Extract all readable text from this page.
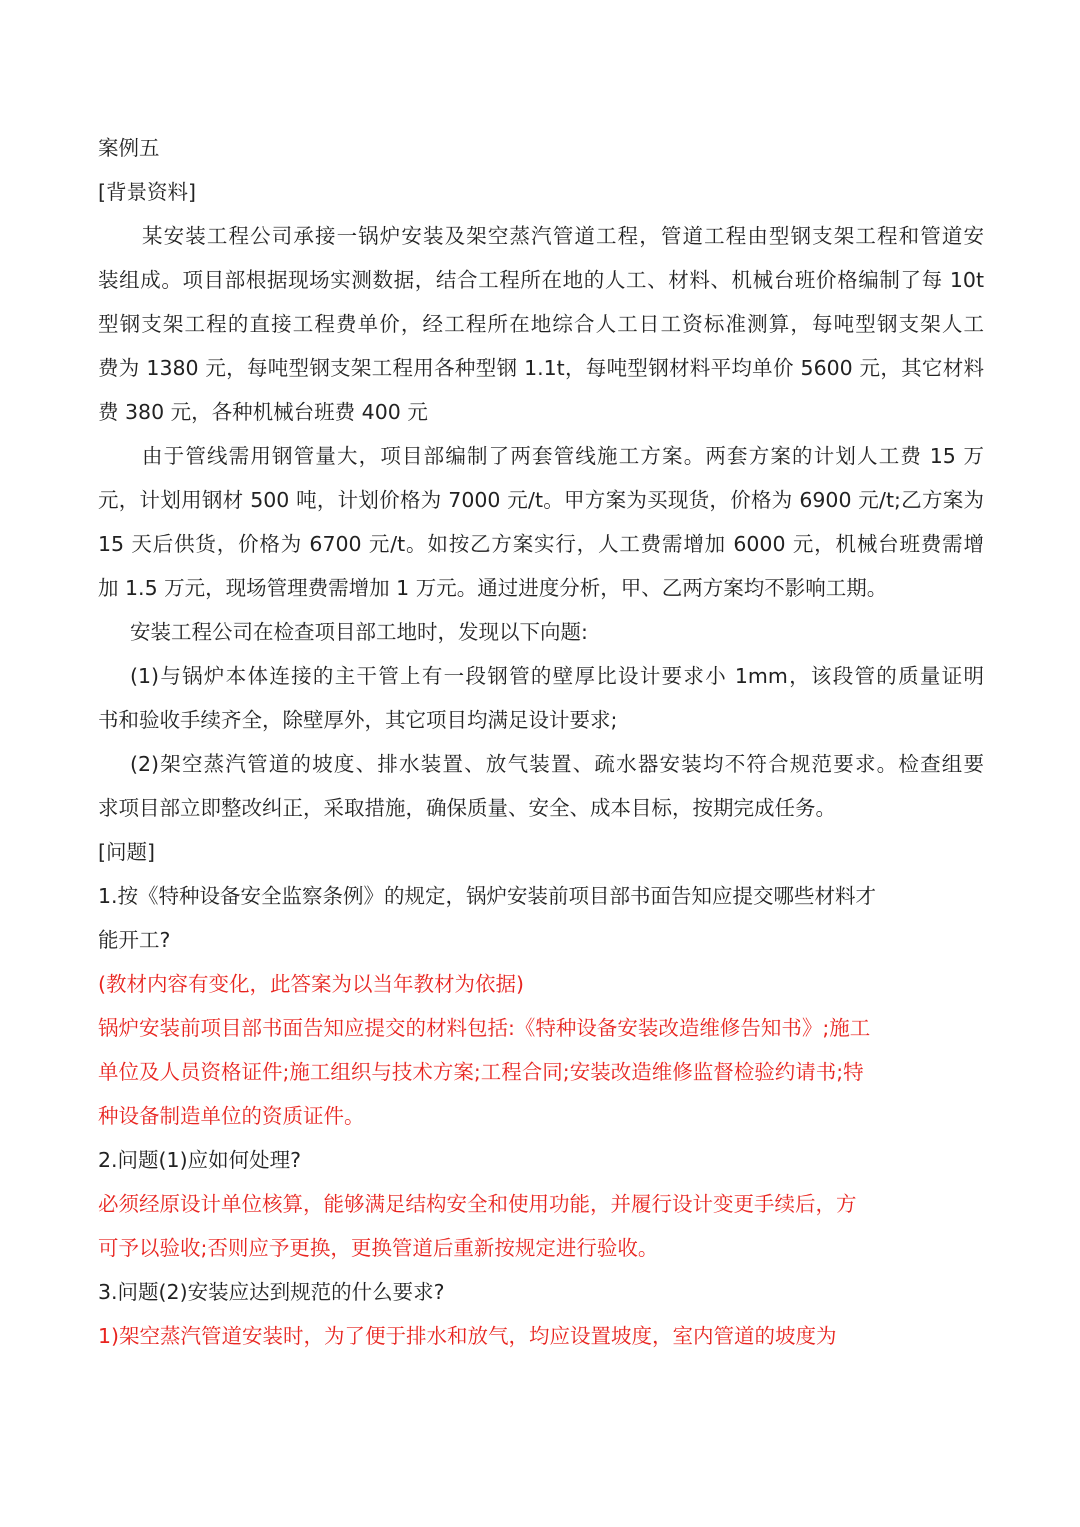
案例五

[背景资料]

某安装工程公司承接一锅炉安装及架空蒸汽管道工程，管道工程由型钢支架工程和管道安

装组成。项目部根据现场实测数据，结合工程所在地的人工、材料、机械台班价格编制了每 10t

型钢支架工程的直接工程费单价，经工程所在地综合人工日工资标准测算，每吨型钢支架人工

费为 1380 元，每吨型钢支架工程用各种型钢 1.1t，每吨型钢材料平均单价 5600 元，其它材料

费 380 元，各种机械台班费 400 元

由于管线需用钢管量大，项目部编制了两套管线施工方案。两套方案的计划人工费 15 万

元，计划用钢材 500 吨，计划价格为 7000 元/t。甲方案为买现货，价格为 6900 元/t;乙方案为

15 天后供货，价格为 6700 元/t。如按乙方案实行，人工费需增加 6000 元，机械台班费需增

加 1.5 万元，现场管理费需增加 1 万元。通过进度分析，甲、乙两方案均不影响工期。

安装工程公司在检查项目部工地时，发现以下向题:

(1)与锅炉本体连接的主干管上有一段钢管的壁厚比设计要求小 1mm，该段管的质量证明

书和验收手续齐全，除壁厚外，其它项目均满足设计要求;

(2)架空蒸汽管道的坡度、排水装置、放气装置、疏水器安装均不符合规范要求。检查组要

求项目部立即整改纠正，采取措施，确保质量、安全、成本目标，按期完成任务。

[问题]

1.按《特种设备安全监察条例》的规定，锅炉安装前项目部书面告知应提交哪些材料才

能开工?

(教材内容有变化，此答案为以当年教材为依据)

锅炉安装前项目部书面告知应提交的材料包括:《特种设备安装改造维修告知书》;施工

单位及人员资格证件;施工组织与技术方案;工程合同;安装改造维修监督检验约请书;特

种设备制造单位的资质证件。

2.问题(1)应如何处理?

必须经原设计单位核算，能够满足结构安全和使用功能，并履行设计变更手续后，方

可予以验收;否则应予更换，更换管道后重新按规定进行验收。

3.问题(2)安装应达到规范的什么要求?

1)架空蒸汽管道安装时，为了便于排水和放气，均应设置坡度，室内管道的坡度为
